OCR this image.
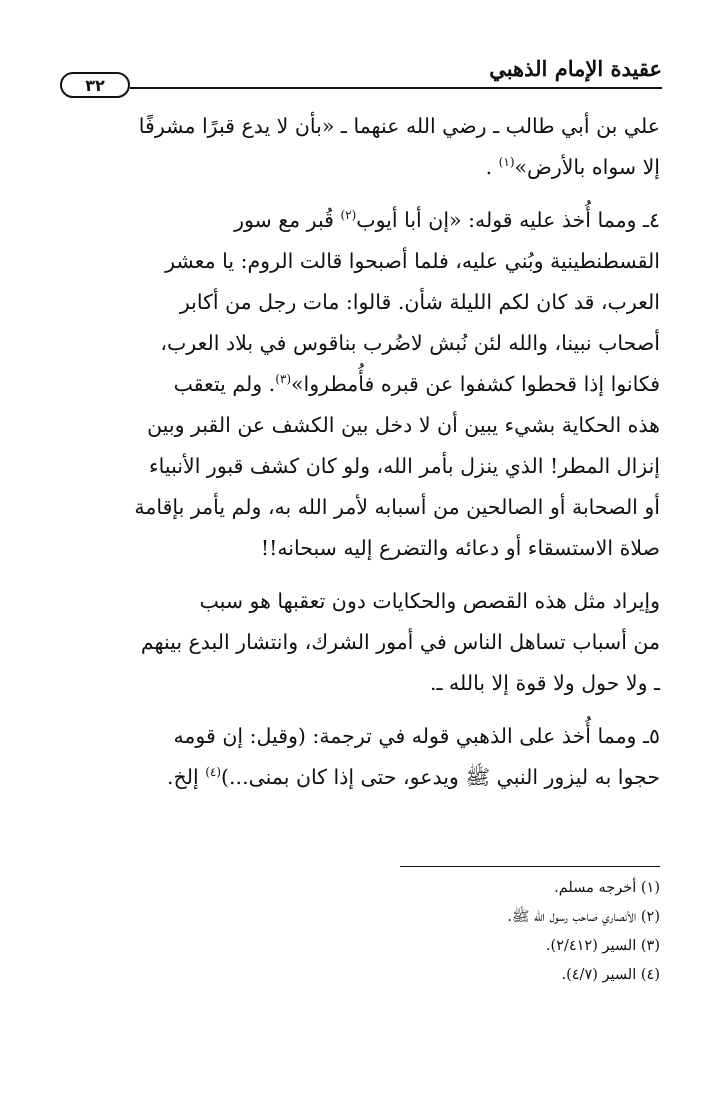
عقيدة الإمام الذهبي
٣٢

علي بن أبي طالب ـ رضي الله عنهما ـ «بأن لا يدع قبرًا مشرفًا
إلا سواه بالأرض»$^{(١)}$ .

٤ـ ومما أُخذ عليه قوله: «إن أبا أيوب$^{(٢)}$ قُبر مع سور
القسطنطينية وبُني عليه، فلما أصبحوا قالت الروم: يا معشر
العرب، قد كان لكم الليلة شأن. قالوا: مات رجل من أكابر
أصحاب نبينا، والله لئن نُبش لاضُرب بناقوس في بلاد العرب،
فكانوا إذا قحطوا كشفوا عن قبره فأُمطروا»$^{(٣)}$. ولم يتعقب
هذه الحكاية بشيء يبين أن لا دخل بين الكشف عن القبر وبين
إنزال المطر! الذي ينزل بأمر الله، ولو كان كشف قبور الأنبياء
أو الصحابة أو الصالحين من أسبابه لأمر الله به، ولم يأمر بإقامة
صلاة الاستسقاء أو دعائه والتضرع إليه سبحانه!!

وإيراد مثل هذه القصص والحكايات دون تعقبها هو سبب
من أسباب تساهل الناس في أمور الشرك، وانتشار البدع بينهم
ـ ولا حول ولا قوة إلا بالله ـ.

٥ـ ومما أُخذ على الذهبي قوله في ترجمة: (وقيل: إن قومه
حجوا به ليزور النبي ﷺ ويدعو، حتى إذا كان بمنى...)$^{(٤)}$ إلخ.

(١) أخرجه مسلم.

(٢) الأنصاري صاحب رسول الله ﷺ.

(٣) السير (٢/٤١٢).

(٤) السير (٤/٧).
